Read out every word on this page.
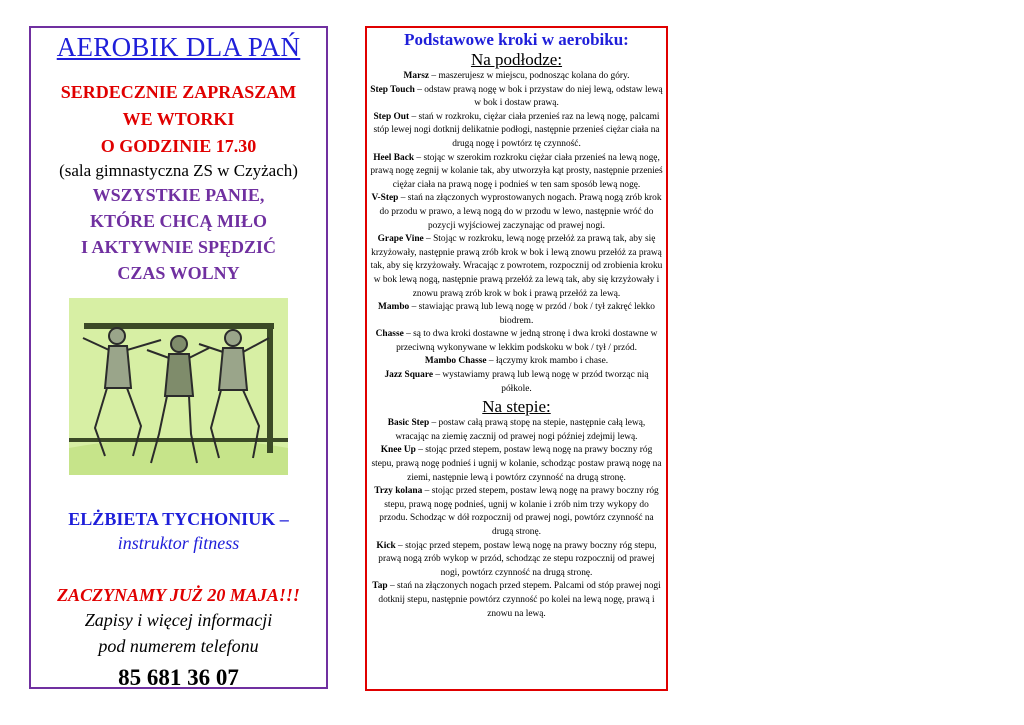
AEROBIK DLA PAŃ
SERDECZNIE ZAPRASZAM
WE WTORKI
O GODZINIE 17.30
(sala gimnastyczna ZS w Czyżach)
WSZYSTKIE PANIE,
KTÓRE CHCĄ MIŁO
I AKTYWNIE SPĘDZIĆ
CZAS WOLNY
ELŻBIETA TYCHONIUK –
instruktor fitness
ZACZYNAMY JUŻ 20 MAJA!!!
Zapisy i więcej informacji
pod numerem telefonu
85 681 36 07
Podstawowe kroki w aerobiku:
Na podłodze:
Marsz – maszerujesz w miejscu, podnosząc kolana do góry.
Step Touch – odstaw prawą nogę w bok i przystaw do niej lewą, odstaw lewą w bok i dostaw prawą.
Step Out – stań w rozkroku, ciężar ciała przenieś raz na lewą nogę, palcami stóp lewej nogi dotknij delikatnie podłogi, następnie przenieś ciężar ciała na drugą nogę i powtórz tę czynność.
Heel Back – stojąc w szerokim rozkroku ciężar ciała przenieś na lewą nogę, prawą nogę zegnij w kolanie tak, aby utworzyła kąt prosty, następnie przenieś ciężar ciała na prawą nogę i podnieś w ten sam sposób lewą nogę.
V-Step – stań na złączonych wyprostowanych nogach. Prawą nogą zrób krok do przodu w prawo, a lewą nogą do w przodu w lewo, następnie wróć do pozycji wyjściowej zaczynając od prawej nogi.
Grape Vine – Stojąc w rozkroku, lewą nogę przełóż za prawą tak, aby się krzyżowały, następnie prawą zrób krok w bok i lewą znowu przełóż za prawą tak, aby się krzyżowały. Wracając z powrotem, rozpocznij od zrobienia kroku w bok lewą nogą, następnie prawą przełóż za lewą tak, aby się krzyżowały i znowu prawą zrób krok w bok i prawą przełóż za lewą.
Mambo – stawiając prawą lub lewą nogę w przód / bok / tył zakręć lekko biodrem.
Chasse – są to dwa kroki dostawne w jedną stronę i dwa kroki dostawne w przeciwną wykonywane w lekkim podskoku w bok / tył / przód.
Mambo Chasse – łączymy krok mambo i chase.
Jazz Square – wystawiamy prawą lub lewą nogę w przód tworząc nią półkole.
Na stepie:
Basic Step – postaw całą prawą stopę na stepie, następnie całą lewą, wracając na ziemię zacznij od prawej nogi później zdejmij lewą.
Knee Up – stojąc przed stepem, postaw lewą nogę na prawy boczny róg stepu, prawą nogę podnieś i ugnij w kolanie, schodząc postaw prawą nogę na ziemi, następnie lewą i powtórz czynność na drugą stronę.
Trzy kolana – stojąc przed stepem, postaw lewą nogę na prawy boczny róg stepu, prawą nogę podnieś, ugnij w kolanie i zrób nim trzy wykopy do przodu. Schodząc w dół rozpocznij od prawej nogi, powtórz czynność na drugą stronę.
Kick – stojąc przed stepem, postaw lewą nogę na prawy boczny róg stepu, prawą nogą zrób wykop w przód, schodząc ze stepu rozpocznij od prawej nogi, powtórz czynność na drugą stronę.
Tap – stań na złączonych nogach przed stepem. Palcami od stóp prawej nogi dotknij stepu, następnie powtórz czynność po kolei na lewą nogę, prawą i znowu na lewą.
